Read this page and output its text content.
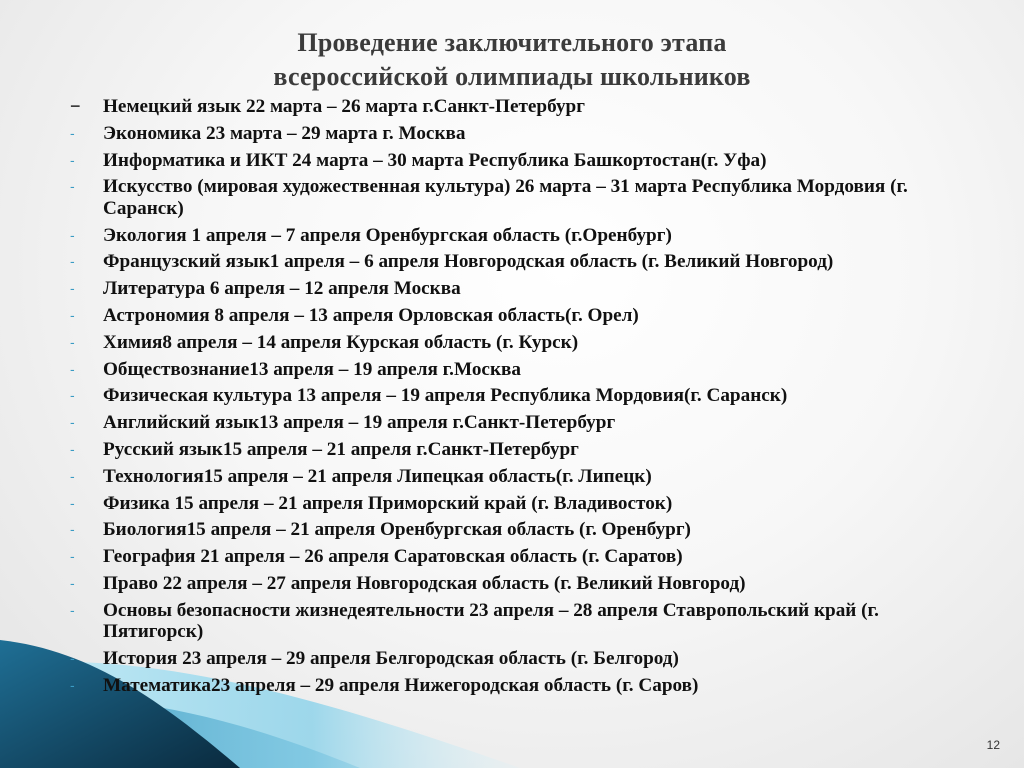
Проведение заключительного этапа
всероссийской олимпиады школьников
− Немецкий язык 22 марта – 26 марта г.Санкт-Петербург
-	Экономика 23 марта – 29 марта г. Москва
-	Информатика и ИКТ 24 марта – 30 марта Республика Башкортостан(г. Уфа)
-	Искусство (мировая художественная культура) 26 марта – 31 марта Республика Мордовия (г. Саранск)
-	Экология 1 апреля – 7 апреля Оренбургская область (г.Оренбург)
-	Французский язык1 апреля – 6 апреля Новгородская область (г. Великий Новгород)
-	Литература 6 апреля – 12 апреля Москва
-	Астрономия 8 апреля – 13 апреля Орловская область(г. Орел)
-	Химия8 апреля – 14 апреля Курская область (г. Курск)
-	Обществознание13 апреля – 19 апреля г.Москва
-	Физическая культура 13 апреля – 19 апреля Республика Мордовия(г. Саранск)
-	Английский язык13 апреля – 19 апреля г.Санкт-Петербург
-	Русский язык15 апреля – 21 апреля г.Санкт-Петербург
-	Технология15 апреля – 21 апреля Липецкая область(г. Липецк)
-	Физика 15 апреля – 21 апреля Приморский край (г. Владивосток)
-	Биология15 апреля – 21 апреля Оренбургская область (г. Оренбург)
-	География 21 апреля – 26 апреля Саратовская область (г. Саратов)
-	Право 22 апреля – 27 апреля Новгородская область (г. Великий Новгород)
-	Основы безопасности жизнедеятельности 23 апреля – 28 апреля Ставропольский край (г. Пятигорск)
-	История 23 апреля – 29 апреля Белгородская область (г. Белгород)
-	Математика23 апреля – 29 апреля Нижегородская область (г. Саров)
12
